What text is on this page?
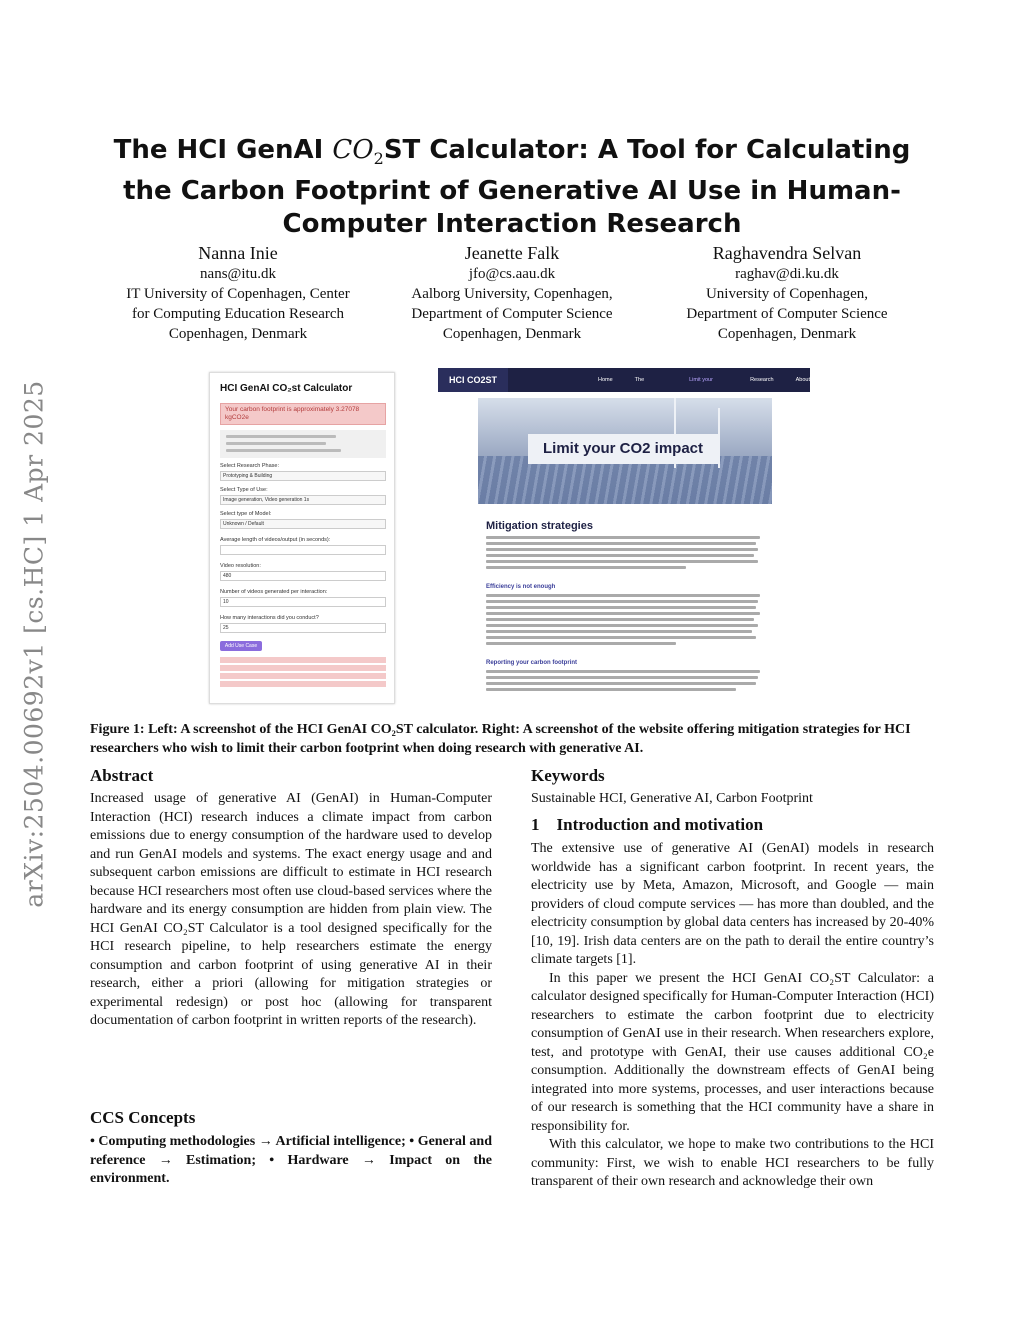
The HCI GenAI $CO_2ST$ Calculator: A Tool for Calculating the Carbon Footprint of Generative AI Use in Human-Computer Interaction Research
Nanna Inie
nans@itu.dk
IT University of Copenhagen, Center
for Computing Education Research
Copenhagen, Denmark
Jeanette Falk
jfo@cs.aau.dk
Aalborg University, Copenhagen,
Department of Computer Science
Copenhagen, Denmark
Raghavendra Selvan
raghav@di.ku.dk
University of Copenhagen,
Department of Computer Science
Copenhagen, Denmark
arXiv:2504.00692v1 [cs.HC] 1 Apr 2025	HCI GenAI CO₂st Calculator
Your carbon footprint is approximately 3.27078 kgCO2e
Select Research Phase:
Prototyping & Building
Select Type of Use:
Image generation, Video generation 1s
Select type of Model:
Unknown / Default
Average length of videos/output (in seconds):
Video resolution:
480
Number of videos generated per interaction:
10
How many interactions did you conduct?
25
Add Use Case
HCI CO2ST	Home	The	Limit your	Research	About
Limit your CO2 impact
Mitigation strategies
Efficiency is not enough
Reporting your carbon footprint
Figure 1: Left: A screenshot of the HCI GenAI CO₂ST calculator. Right: A screenshot of the website offering mitigation strategies for HCI researchers who wish to limit their carbon footprint when doing research with generative AI.
Abstract

Increased usage of generative AI (GenAI) in Human-Computer Interaction (HCI) research induces a climate impact from carbon emissions due to energy consumption of the hardware used to develop and run GenAI models and systems. The exact energy usage and and subsequent carbon emissions are difficult to estimate in HCI research because HCI researchers most often use cloud-based services where the hardware and its energy consumption are hidden from plain view. The HCI GenAI CO₂ST Calculator is a tool designed specifically for the HCI research pipeline, to help researchers estimate the energy consumption and carbon footprint of using generative AI in their research, either a priori (allowing for mitigation strategies or experimental redesign) or post hoc (allowing for transparent documentation of carbon footprint in written reports of the research).

CCS Concepts

• Computing methodologies → Artificial intelligence; • General and reference → Estimation; • Hardware → Impact on the environment.

Keywords
Sustainable HCI, Generative AI, Carbon Footprint
1    Introduction and motivation

The extensive use of generative AI (GenAI) models in research worldwide has a significant carbon footprint. In recent years, the electricity use by Meta, Amazon, Microsoft, and Google — main providers of cloud compute services — has more than doubled, and the electricity consumption by global data centers has increased by 20-40% [10, 19]. Irish data centers are on the path to derail the entire country’s climate targets [1].

In this paper we present the HCI GenAI CO₂ST Calculator: a calculator designed specifically for Human-Computer Interaction (HCI) researchers to estimate the carbon footprint due to electricity consumption of GenAI use in their research. When researchers explore, test, and prototype with GenAI, their use causes additional CO₂e consumption. Additionally the downstream effects of GenAI being integrated into more systems, processes, and user interactions because of our research is something that the HCI community have a share in responsibility for.

With this calculator, we hope to make two contributions to the HCI community: First, we wish to enable HCI researchers to be fully transparent of their own research and acknowledge their own
